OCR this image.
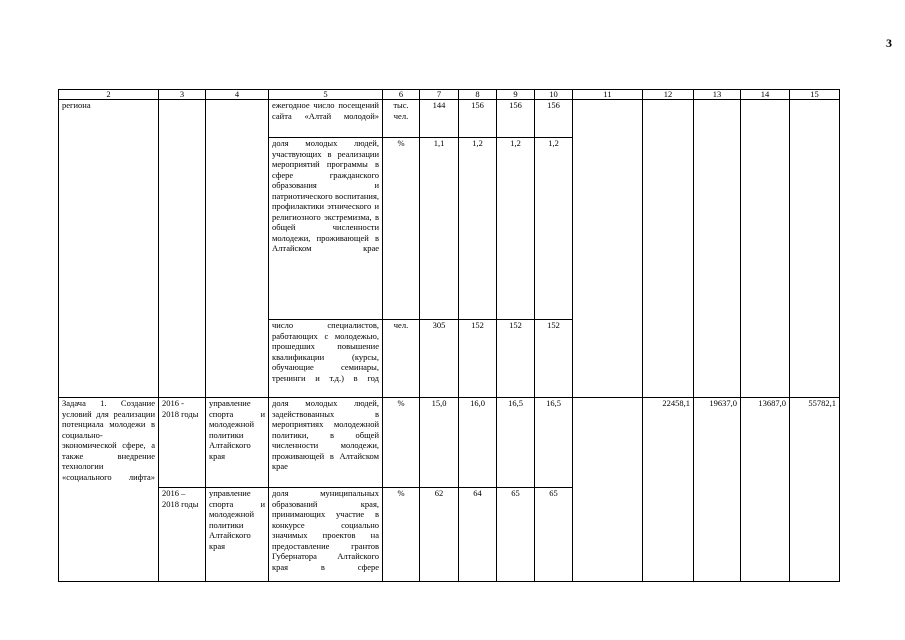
3
2	3	4	5	6	7	8	9	10	11	12	13	14	15
региона			ежегодное число посещений сайта «Алтай молодой»	тыс. чел.	144	156	156	156					
			доля молодых людей, участвующих в реализации мероприятий программы в сфере гражданского образования и патриотического воспитания, профилактики этнического и религиозного экстремизма, в общей численности молодежи, проживающей в Алтайском крае	%	1,1	1,2	1,2	1,2					
			число специалистов, работающих с молодежью, прошедших повышение квалификации (курсы, обучающие семинары, тренинги и т.д.) в год	чел.	305	152	152	152					
Задача 1. Создание условий для реализации потенциала молодежи в социально-экономической сфере, а также внедрение технологии «социального лифта»	2016 - 2018 годы	управление спорта и молодежной политики Алтайского края	доля молодых людей, задействованных в мероприятиях молодежной политики, в общей численности молодежи, проживающей в Алтайском крае	%	15,0	16,0	16,5	16,5		22458,1	19637,0	13687,0	55782,1
	2016 – 2018 годы	управление спорта и молодежной политики Алтайского края	доля муниципальных образований края, принимающих участие в конкурсе социально значимых проектов на предоставление грантов Губернатора Алтайского края в сфере	%	62	64	65	65					
